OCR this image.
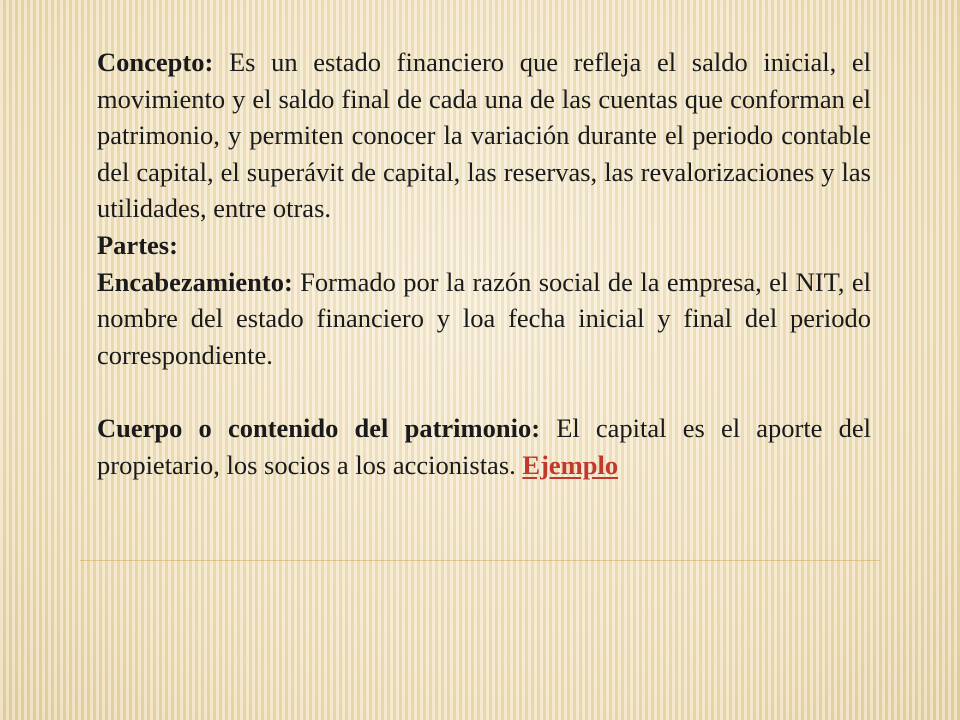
Concepto: Es un estado financiero que refleja el saldo inicial, el movimiento y el saldo final de cada una de las cuentas que conforman el patrimonio, y permiten conocer la variación durante el periodo contable del capital, el superávit de capital, las reservas, las revalorizaciones y las utilidades, entre otras.

Partes:

Encabezamiento: Formado por la razón social de la empresa, el NIT, el nombre del estado financiero y loa fecha inicial y final del periodo correspondiente.

Cuerpo o contenido del patrimonio: El capital es el aporte del propietario, los socios a los accionistas. Ejemplo
